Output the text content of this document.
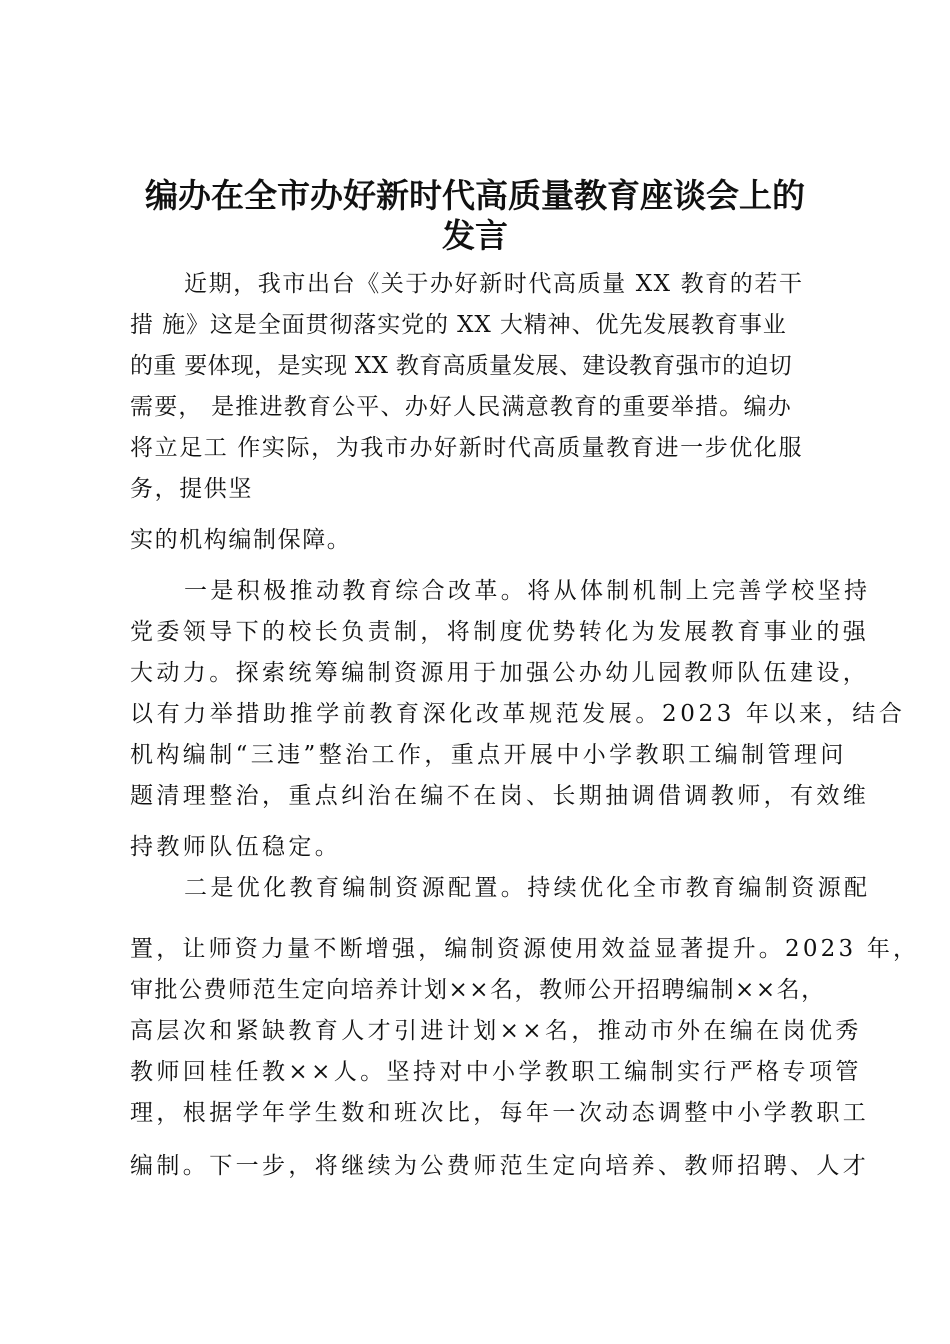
编办在全市办好新时代高质量教育座谈会上的
发言

近期，我市出台《关于办好新时代高质量 XX 教育的若干

措 施》这是全面贯彻落实党的 XX 大精神、优先发展教育事业

的重 要体现，是实现 XX 教育高质量发展、建设教育强市的迫切

需要， 是推进教育公平、办好人民满意教育的重要举措。编办

将立足工 作实际，为我市办好新时代高质量教育进一步优化服

务，提供坚

实的机构编制保障。

一是积极推动教育综合改革。将从体制机制上完善学校坚持

党委领导下的校长负责制，将制度优势转化为发展教育事业的强

大动力。探索统筹编制资源用于加强公办幼儿园教师队伍建设，

以有力举措助推学前教育深化改革规范发展。2023 年以来，结合

机构编制“三违”整治工作，重点开展中小学教职工编制管理问

题清理整治，重点纠治在编不在岗、长期抽调借调教师，有效维

持教师队伍稳定。

二是优化教育编制资源配置。持续优化全市教育编制资源配

置，让师资力量不断增强，编制资源使用效益显著提升。2023 年，

审批公费师范生定向培养计划××名，教师公开招聘编制××名，

高层次和紧缺教育人才引进计划××名，推动市外在编在岗优秀

教师回桂任教××人。坚持对中小学教职工编制实行严格专项管

理，根据学年学生数和班次比，每年一次动态调整中小学教职工

编制。下一步，将继续为公费师范生定向培养、教师招聘、人才
